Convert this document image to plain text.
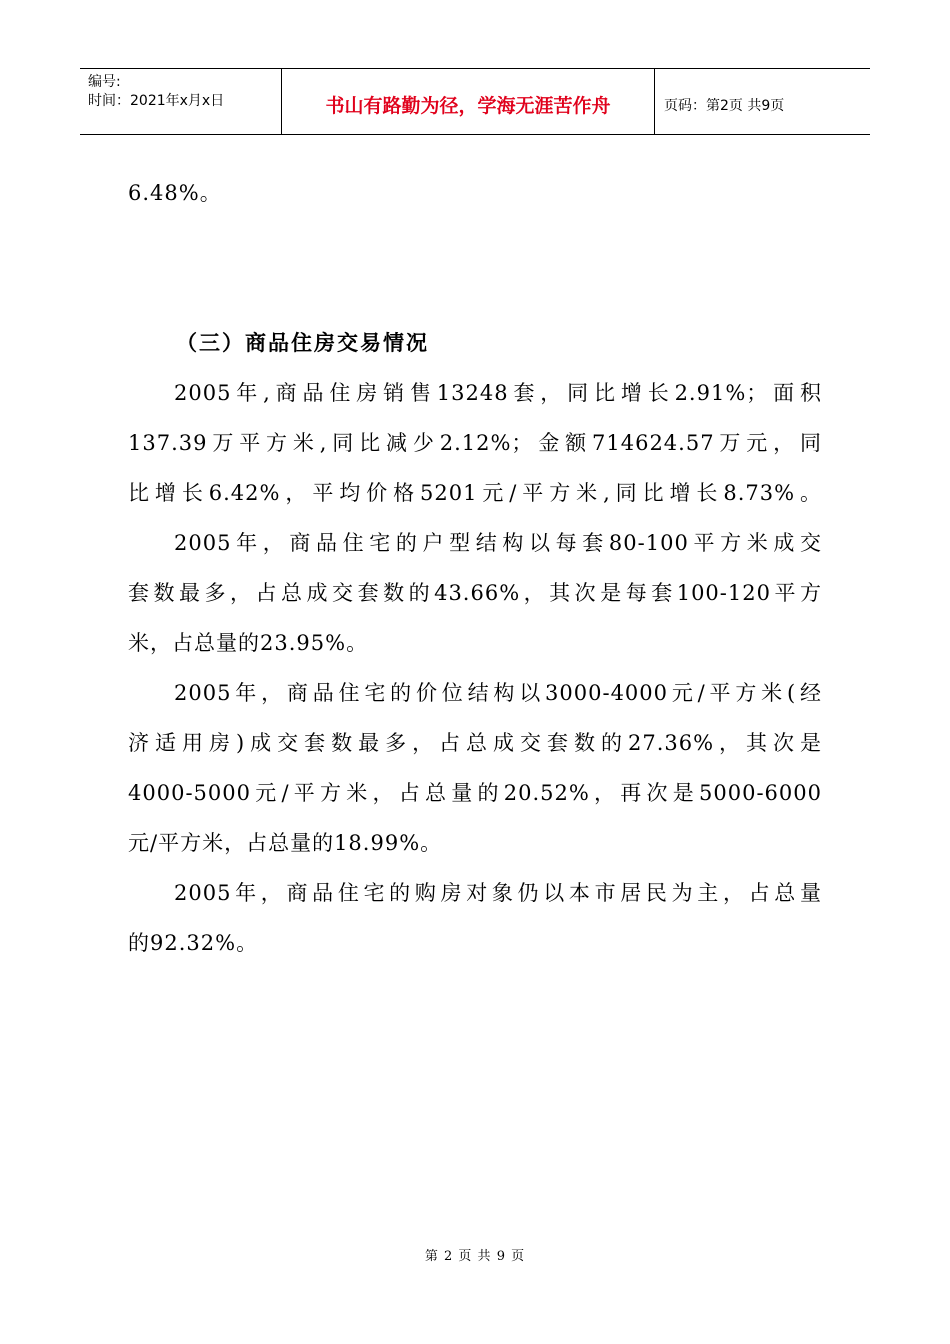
编号:
时间：2021年x月x日	书山有路勤为径，学海无涯苦作舟	页码：第2页 共9页

6.48%。

（三）商品住房交易情况
2005年,商品住房销售13248套，同比增长2.91%；面积
137.39万平方米,同比减少2.12%；金额714624.57万元，同
比增长6.42%，平均价格5201元/平方米,同比增长8.73%。
2005年，商品住宅的户型结构以每套80-100平方米成交
套数最多，占总成交套数的43.66%，其次是每套100-120平方
米，占总量的23.95%。
2005年，商品住宅的价位结构以3000-4000元/平方米(经
济适用房)成交套数最多，占总成交套数的27.36%，其次是
4000-5000元/平方米，占总量的20.52%，再次是5000-6000
元/平方米，占总量的18.99%。
2005年，商品住宅的购房对象仍以本市居民为主，占总量
的92.32%。
第 2 页 共 9 页
